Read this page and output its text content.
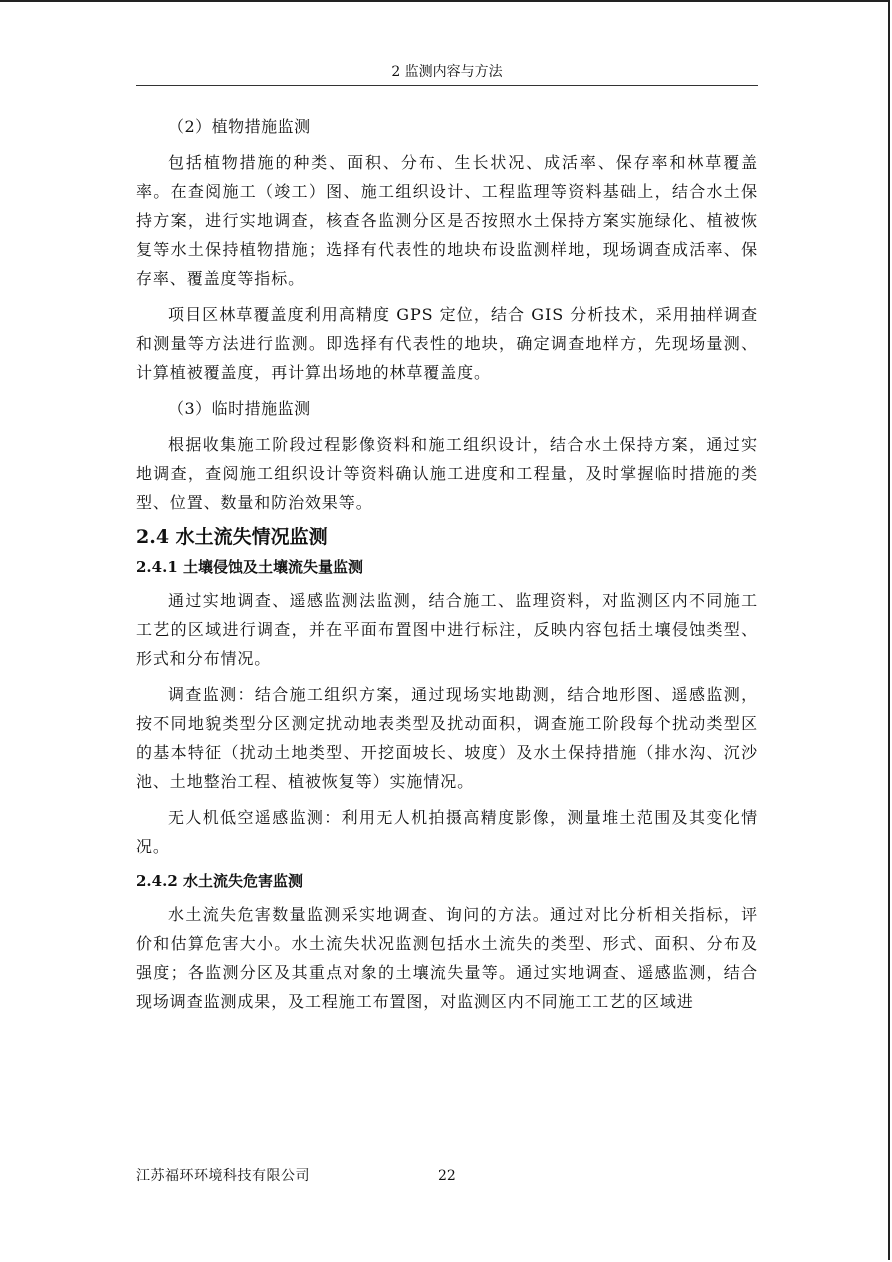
2 监测内容与方法
（2）植物措施监测

包括植物措施的种类、面积、分布、生长状况、成活率、保存率和林草覆盖率。在查阅施工（竣工）图、施工组织设计、工程监理等资料基础上，结合水土保持方案，进行实地调查，核查各监测分区是否按照水土保持方案实施绿化、植被恢复等水土保持植物措施；选择有代表性的地块布设监测样地，现场调查成活率、保存率、覆盖度等指标。

项目区林草覆盖度利用高精度 GPS 定位，结合 GIS 分析技术，采用抽样调查和测量等方法进行监测。即选择有代表性的地块，确定调查地样方，先现场量测、计算植被覆盖度，再计算出场地的林草覆盖度。

（3）临时措施监测

根据收集施工阶段过程影像资料和施工组织设计，结合水土保持方案，通过实地调查，查阅施工组织设计等资料确认施工进度和工程量，及时掌握临时措施的类型、位置、数量和防治效果等。

2.4 水土流失情况监测
2.4.1 土壤侵蚀及土壤流失量监测

通过实地调查、遥感监测法监测，结合施工、监理资料，对监测区内不同施工工艺的区域进行调查，并在平面布置图中进行标注，反映内容包括土壤侵蚀类型、形式和分布情况。

调查监测：结合施工组织方案，通过现场实地勘测，结合地形图、遥感监测，按不同地貌类型分区测定扰动地表类型及扰动面积，调查施工阶段每个扰动类型区的基本特征（扰动土地类型、开挖面坡长、坡度）及水土保持措施（排水沟、沉沙池、土地整治工程、植被恢复等）实施情况。

无人机低空遥感监测：利用无人机拍摄高精度影像，测量堆土范围及其变化情况。

2.4.2 水土流失危害监测

水土流失危害数量监测采实地调查、询问的方法。通过对比分析相关指标，评价和估算危害大小。水土流失状况监测包括水土流失的类型、形式、面积、分布及强度；各监测分区及其重点对象的土壤流失量等。通过实地调查、遥感监测，结合现场调查监测成果，及工程施工布置图，对监测区内不同施工工艺的区域进

江苏福环环境科技有限公司	22
